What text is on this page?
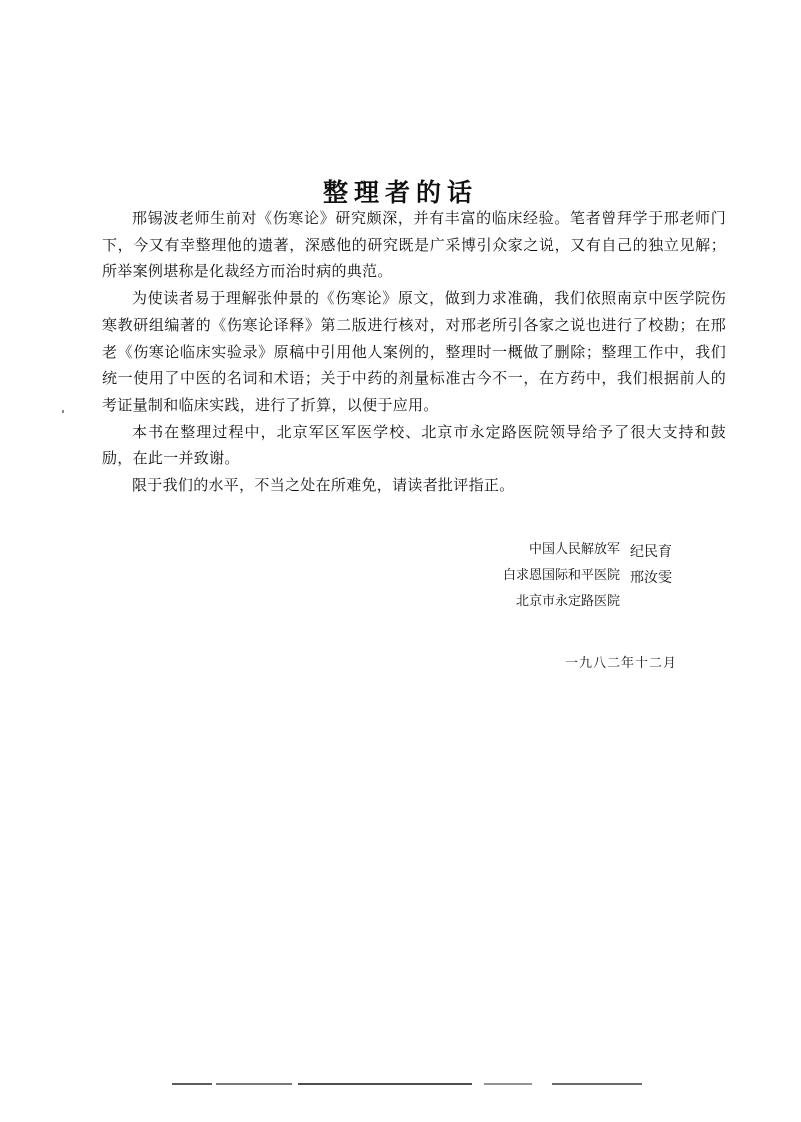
整理者的话

邢锡波老师生前对《伤寒论》研究颇深，并有丰富的临床经验。笔者曾拜学于邢老师门下，今又有幸整理他的遗著，深感他的研究既是广采博引众家之说，又有自己的独立见解；所举案例堪称是化裁经方而治时病的典范。

为使读者易于理解张仲景的《伤寒论》原文，做到力求准确，我们依照南京中医学院伤寒教研组编著的《伤寒论译释》第二版进行核对，对邢老所引各家之说也进行了校勘；在邢老《伤寒论临床实验录》原稿中引用他人案例的，整理时一概做了删除；整理工作中，我们统一使用了中医的名词和术语；关于中药的剂量标准古今不一，在方药中，我们根据前人的考证量制和临床实践，进行了折算，以便于应用。

本书在整理过程中，北京军区军医学校、北京市永定路医院领导给予了很大支持和鼓励，在此一并致谢。

限于我们的水平，不当之处在所难免，请读者批评指正。

中国人民解放军
白求恩国际和平医院
北京市永定路医院
纪民育
邢汝雯
一九八二年十二月
